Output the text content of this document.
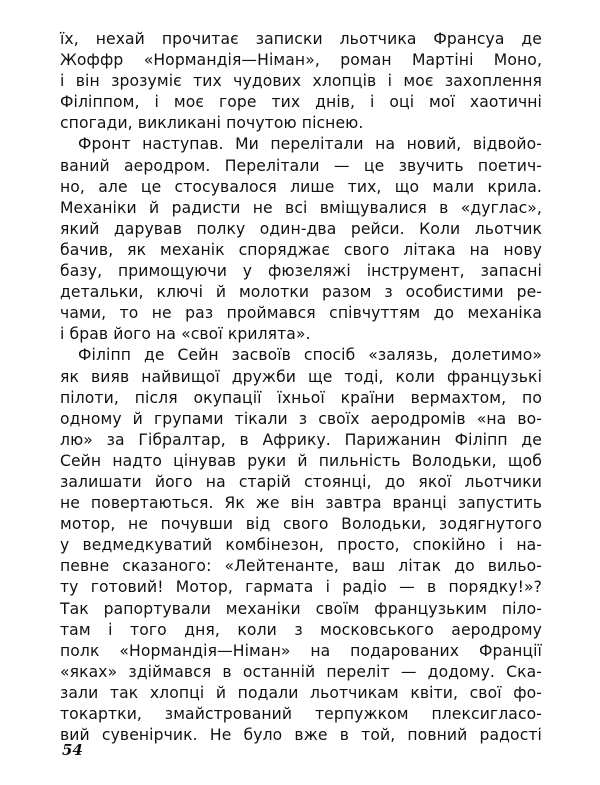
їх, нехай прочитає записки льотчика Франсуа де
Жоффр «Нормандія—Німан», роман Мартіні Моно,
і він зрозуміє тих чудових хлопців і моє захоплення
Філіппом, і моє горе тих днів, і оці мої хаотичні
спогади, викликані почутою піснею.
Фронт наступав. Ми перелітали на новий, відвойо-
ваний аеродром. Перелітали — це звучить поетич-
но, але це стосувалося лише тих, що мали крила.
Механіки й радисти не всі вміщувалися в «дуглас»,
який дарував полку один-два рейси. Коли льотчик
бачив, як механік споряджає свого літака на нову
базу, примощуючи у фюзеляжі інструмент, запасні
детальки, ключі й молотки разом з особистими ре-
чами, то не раз проймався співчуттям до механіка
і брав його на «свої крилята».
Філіпп де Сейн засвоїв спосіб «залязь, долетимо»
як вияв найвищої дружби ще тоді, коли французькі
пілоти, після окупації їхньої країни вермахтом, по
одному й групами тікали з своїх аеродромів «на во-
лю» за Гібралтар, в Африку. Парижанин Філіпп де
Сейн надто цінував руки й пильність Володьки, щоб
залишати його на старій стоянці, до якої льотчики
не повертаються. Як же він завтра вранці запустить
мотор, не почувши від свого Володьки, зодягнутого
у ведмедкуватий комбінезон, просто, спокійно і на-
певне сказаного: «Лейтенанте, ваш літак до вильо-
ту готовий! Мотор, гармата і радіо — в порядку!»?
Так рапортували механіки своїм французьким піло-
там і того дня, коли з московського аеродрому
полк «Нормандія—Німан» на подарованих Франції
«яках» здіймався в останній переліт — додому. Ска-
зали так хлопці й подали льотчикам квіти, свої фо-
токартки, змайстрований терпужком плексигласо-
вий сувенірчик. Не було вже в той, повний радості
54
